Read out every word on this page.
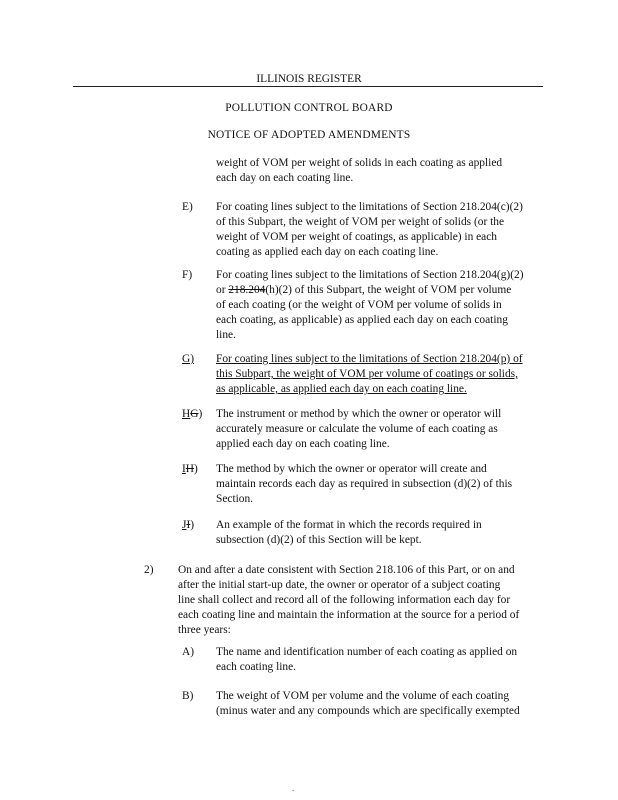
ILLINOIS REGISTER
POLLUTION CONTROL BOARD
NOTICE OF ADOPTED AMENDMENTS
weight of VOM per weight of solids in each coating as applied
each day on each coating line.
E) For coating lines subject to the limitations of Section 218.204(c)(2)
of this Subpart, the weight of VOM per weight of solids (or the
weight of VOM per weight of coatings, as applicable) in each
coating as applied each day on each coating line.
F) For coating lines subject to the limitations of Section 218.204(g)(2)
or 218.204(h)(2) of this Subpart, the weight of VOM per volume
of each coating (or the weight of VOM per volume of solids in
each coating, as applicable) as applied each day on each coating
line.
G) For coating lines subject to the limitations of Section 218.204(p) of
this Subpart, the weight of VOM per volume of coatings or solids,
as applicable, as applied each day on each coating line.
HG) The instrument or method by which the owner or operator will
accurately measure or calculate the volume of each coating as
applied each day on each coating line.
IH) The method by which the owner or operator will create and
maintain records each day as required in subsection (d)(2) of this
Section.
JI) An example of the format in which the records required in
subsection (d)(2) of this Section will be kept.
2) On and after a date consistent with Section 218.106 of this Part, or on and
after the initial start-up date, the owner or operator of a subject coating
line shall collect and record all of the following information each day for
each coating line and maintain the information at the source for a period of
three years:
A) The name and identification number of each coating as applied on
each coating line.
B) The weight of VOM per volume and the volume of each coating
(minus water and any compounds which are specifically exempted
.
